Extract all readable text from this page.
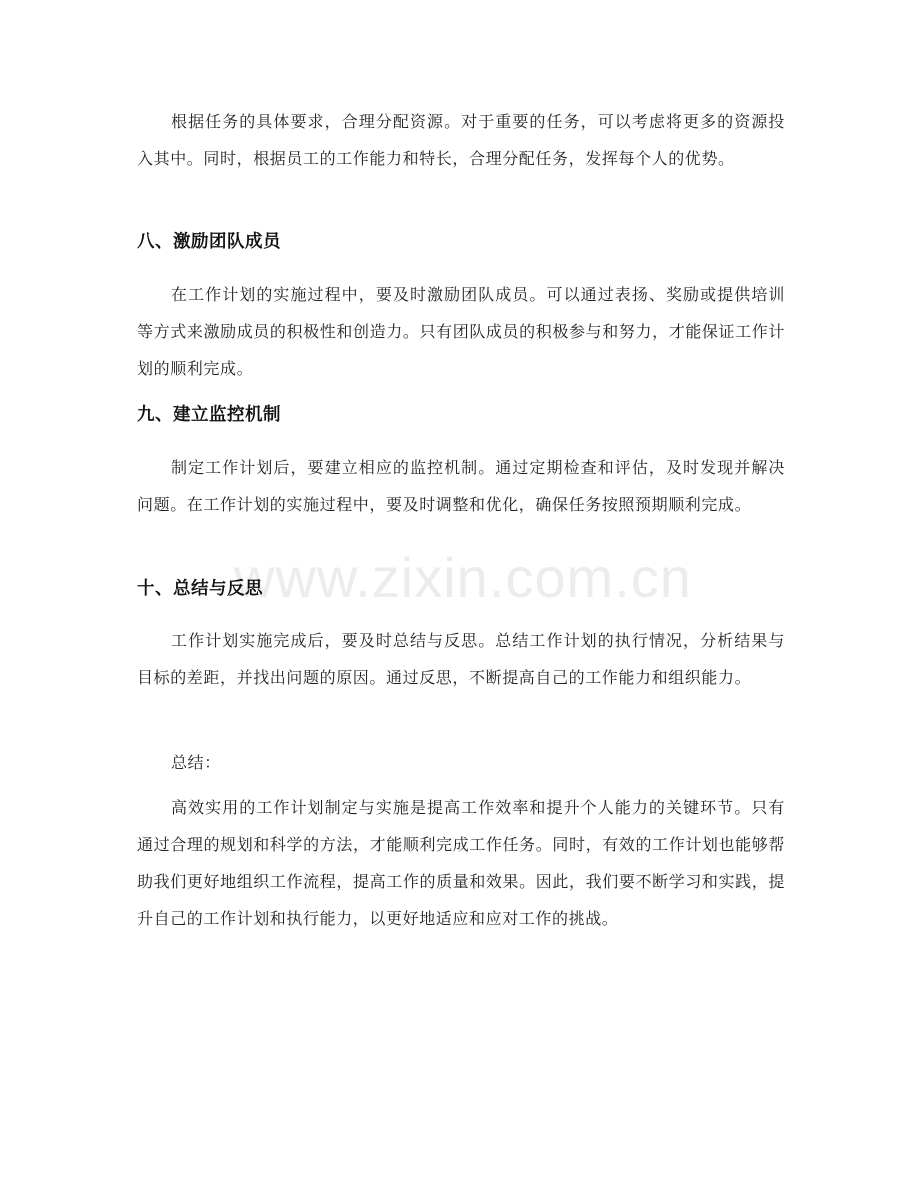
www.zixin.com.cn

根据任务的具体要求，合理分配资源。对于重要的任务，可以考虑将更多的资源投入其中。同时，根据员工的工作能力和特长，合理分配任务，发挥每个人的优势。

八、激励团队成员

在工作计划的实施过程中，要及时激励团队成员。可以通过表扬、奖励或提供培训等方式来激励成员的积极性和创造力。只有团队成员的积极参与和努力，才能保证工作计划的顺利完成。

九、建立监控机制

制定工作计划后，要建立相应的监控机制。通过定期检查和评估，及时发现并解决问题。在工作计划的实施过程中，要及时调整和优化，确保任务按照预期顺利完成。

十、总结与反思

工作计划实施完成后，要及时总结与反思。总结工作计划的执行情况，分析结果与目标的差距，并找出问题的原因。通过反思，不断提高自己的工作能力和组织能力。

总结：

高效实用的工作计划制定与实施是提高工作效率和提升个人能力的关键环节。只有通过合理的规划和科学的方法，才能顺利完成工作任务。同时，有效的工作计划也能够帮助我们更好地组织工作流程，提高工作的质量和效果。因此，我们要不断学习和实践，提升自己的工作计划和执行能力，以更好地适应和应对工作的挑战。
